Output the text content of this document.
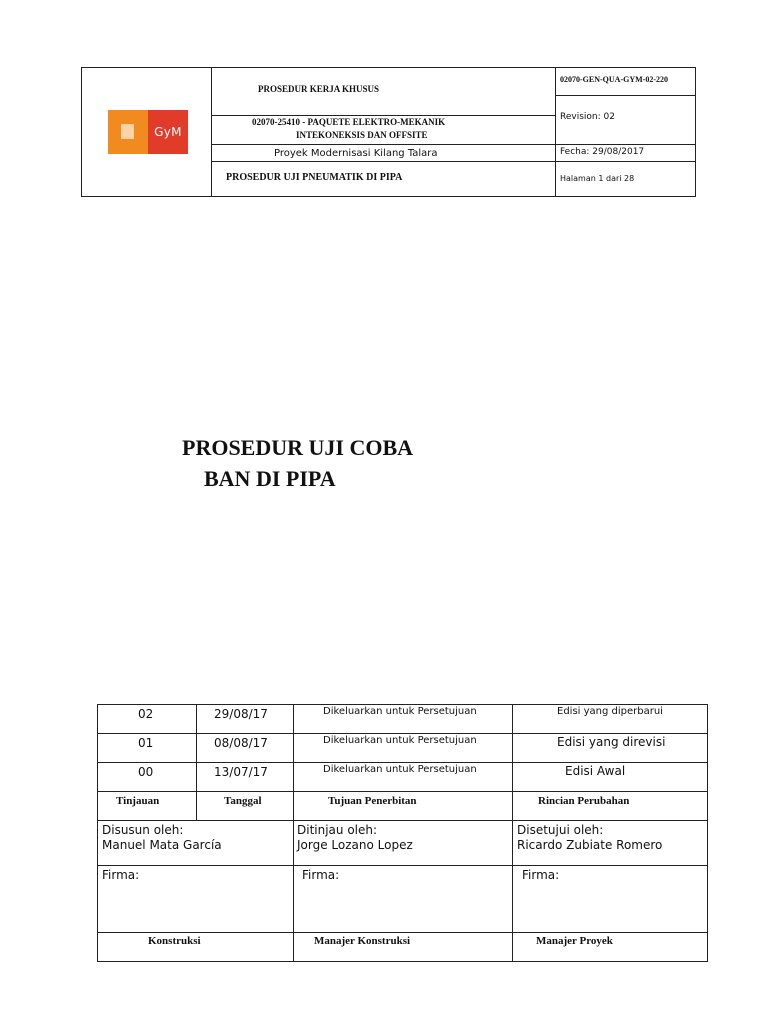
GyM
PROSEDUR KERJA KHUSUS
02070-25410 - PAQUETE ELEKTRO-MEKANIK
INTEKONEKSIS DAN OFFSITE
Proyek Modernisasi Kilang Talara
PROSEDUR UJI PNEUMATIK DI PIPA
02070-GEN-QUA-GYM-02-220
Revision: 02
Fecha: 29/08/2017
Halaman 1 dari 28
PROSEDUR UJI COBA
BAN DI PIPA
02	29/08/17	Dikeluarkan untuk Persetujuan	Edisi yang diperbarui
01	08/08/17	Dikeluarkan untuk Persetujuan	Edisi yang direvisi
00	13/07/17	Dikeluarkan untuk Persetujuan	Edisi Awal
Tinjauan	Tanggal	Tujuan Penerbitan	Rincian Perubahan
Disusun oleh:
Manuel Mata García
Ditinjau oleh:
Jorge Lozano Lopez
Disetujui oleh:
Ricardo Zubiate Romero
Firma:	Firma:	Firma:
Konstruksi	Manajer Konstruksi	Manajer Proyek
